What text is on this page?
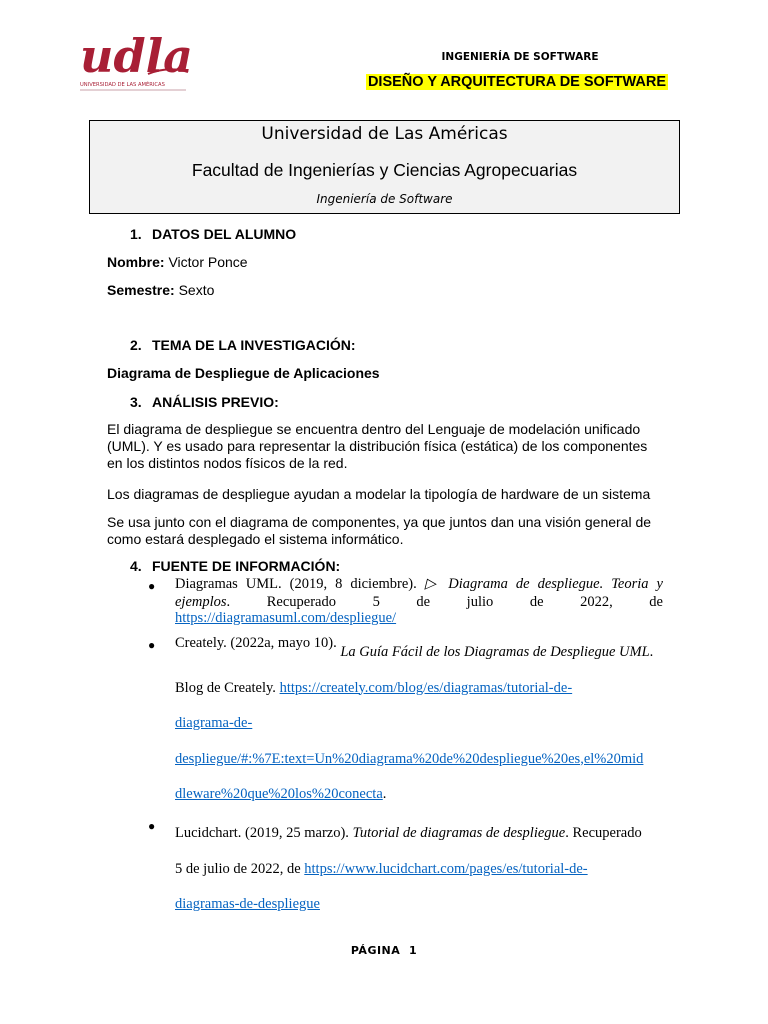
udla
UNIVERSIDAD DE LAS AMÉRICAS
INGENIERÍA DE SOFTWARE
DISEÑO Y ARQUITECTURA DE SOFTWARE
Universidad de Las Américas
Facultad de Ingenierías y Ciencias Agropecuarias
Ingeniería de Software
1. DATOS DEL ALUMNO
Nombre: Victor Ponce
Semestre: Sexto
2. TEMA DE LA INVESTIGACIÓN:
Diagrama de Despliegue de Aplicaciones
3. ANÁLISIS PREVIO:
El diagrama de despliegue se encuentra dentro del Lenguaje de modelación unificado (UML). Y es usado para representar la distribución física (estática) de los componentes en los distintos nodos físicos de la red.
Los diagramas de despliegue ayudan a modelar la tipología de hardware de un sistema
Se usa junto con el diagrama de componentes, ya que juntos dan una visión general de como estará desplegado el sistema informático.
4. FUENTE DE INFORMACIÓN:
● Diagramas UML. (2019, 8 diciembre). ▷ Diagrama de despliegue. Teoria y ejemplos. Recuperado 5 de julio de 2022, de
https://diagramasuml.com/despliegue/
● Creately. (2022a, mayo 10).
La Guía Fácil de los Diagramas de Despliegue UML. Blog de Creately. https://creately.com/blog/es/diagramas/tutorial-de-
diagrama-de-
despliegue/#:%7E:text=Un%20diagrama%20de%20despliegue%20es,el%20mid
dleware%20que%20los%20conecta.
● Lucidchart. (2019, 25 marzo). Tutorial de diagramas de despliegue. Recuperado
5 de julio de 2022, de https://www.lucidchart.com/pages/es/tutorial-de-
diagramas-de-despliegue
PÁGINA 1
